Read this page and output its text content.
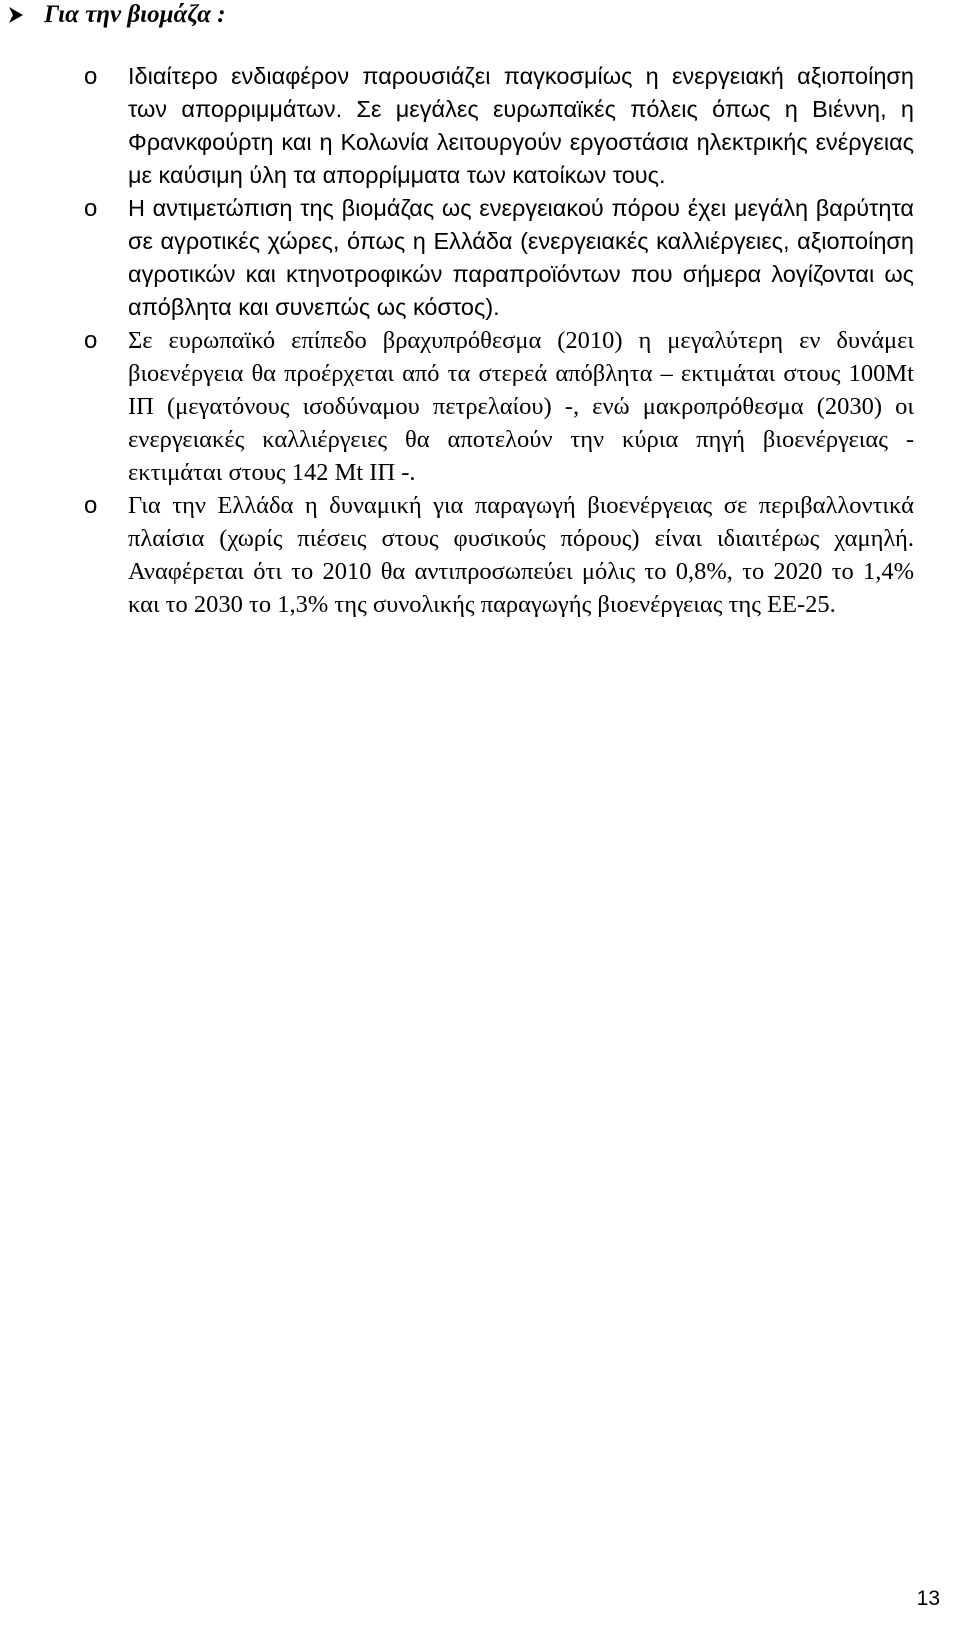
Για την βιομάζα :
o Ιδιαίτερο ενδιαφέρον παρουσιάζει παγκοσμίως η ενεργειακή αξιοποίηση των απορριμμάτων. Σε μεγάλες ευρωπαϊκές πόλεις όπως η Βιέννη, η Φρανκφούρτη και η Κολωνία λειτουργούν εργοστάσια ηλεκτρικής ενέργειας με καύσιμη ύλη τα απορρίμματα των κατοίκων τους.
o Η αντιμετώπιση της βιομάζας ως ενεργειακού πόρου έχει μεγάλη βαρύτητα σε αγροτικές χώρες, όπως η Ελλάδα (ενεργειακές καλλιέργειες, αξιοποίηση αγροτικών και κτηνοτροφικών παραπροϊόντων που σήμερα λογίζονται ως απόβλητα και συνεπώς ως κόστος).
o Σε ευρωπαϊκό επίπεδο βραχυπρόθεσμα (2010) η μεγαλύτερη εν δυνάμει βιοενέργεια θα προέρχεται από τα στερεά απόβλητα – εκτιμάται στους 100Mt ΙΠ (μεγατόνους ισοδύναμου πετρελαίου) -, ενώ μακροπρόθεσμα (2030) οι ενεργειακές καλλιέργειες θα αποτελούν την κύρια πηγή βιοενέργειας - εκτιμάται στους 142 Mt ΙΠ -.
o Για την Ελλάδα η δυναμική για παραγωγή βιοενέργειας σε περιβαλλοντικά πλαίσια (χωρίς πιέσεις στους φυσικούς πόρους) είναι ιδιαιτέρως χαμηλή. Αναφέρεται ότι το 2010 θα αντιπροσωπεύει μόλις το 0,8%, το 2020 το 1,4% και το 2030 το 1,3% της συνολικής παραγωγής βιοενέργειας της ΕΕ-25.
13
